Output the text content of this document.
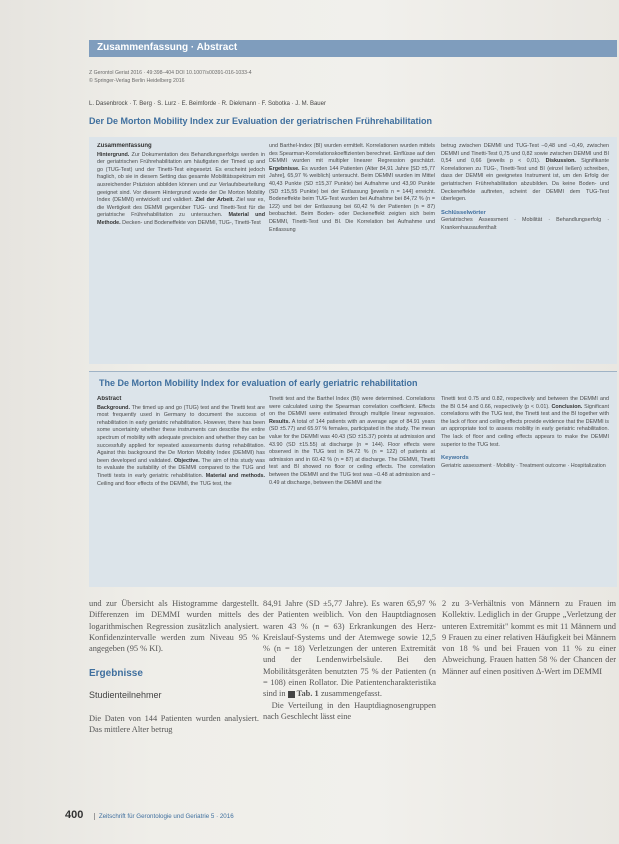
Zusammenfassung · Abstract
Z Gerontol Geriat 2016 · 49:398–404 DOI 10.1007/s00391-016-1033-4
© Springer-Verlag Berlin Heidelberg 2016
L. Dasenbrock · T. Berg · S. Lurz · E. Beimforde · R. Diekmann · F. Sobotka · J. M. Bauer
Der De Morton Mobility Index zur Evaluation der geriatrischen Frührehabilitation
Zusammenfassung
Hintergrund. Zur Dokumentation des Behandlungserfolgs werden in der geriatrischen Frührehabilitation am häufigsten der Timed up and go (TUG-Test) und der Tinetti-Test eingesetzt. Es erscheint jedoch fraglich, ob sie in diesem Setting das gesamte Mobilitätsspektrum mit ausreichender Präzision abbilden können und zur Verlaufsbeurteilung geeignet sind. Vor diesem Hintergrund wurde der De Morton Mobility Index (DEMMI) entwickelt und validiert. Ziel der Arbeit. Ziel war es, die Wertigkeit des DEMMI gegenüber TUG- und Tinetti-Test für die geriatrische Frührehabilitation zu untersuchen. Material und Methode. Decken- und Bodeneffekte von DEMMI, TUG-, Tinetti-Test
und Barthel-Index (BI) wurden ermittelt. Korrelationen wurden mittels des Spearman-Korrelationskoeffizienten berechnet. Einflüsse auf den DEMMI wurden mit multipler linearer Regression geschätzt. Ergebnisse. Es wurden 144 Patienten (Alter 84,91 Jahre [SD ±5,77 Jahre], 65,97 % weiblich) untersucht. Beim DEMMI wurden im Mittel 40,43 Punkte (SD ±15,37 Punkte) bei Aufnahme und 43,90 Punkte (SD ±15,55 Punkte) bei der Entlassung [jeweils n = 144] erreicht. Bodeneffekte beim TUG-Test wurden bei Aufnahme bei 84,72 % (n = 122) und bei der Entlassung bei 60,42 % der Patienten (n = 87) beobachtet. Beim Boden- oder Deckeneffekt zeigten sich beim DEMMI, Tinetti-Test und BI. Die Korrelation bei Aufnahme und Entlassung
betrug zwischen DEMMI und TUG-Test –0,48 und –0,49, zwischen DEMMI und Tinetti-Test 0,75 und 0,82 sowie zwischen DEMMI und BI 0,54 und 0,66 (jeweils p < 0,01). Diskussion. Signifikante Korrelationen zu TUG-, Tinetti-Test und BI (einzel ließen) schreiben, dass der DEMMI ein geeignetes Instrument ist, um den Erfolg der geriatrischen Frührehabilitation abzubilden. Da keine Boden- und Deckeneffekte auftreten, scheint der DEMMI dem TUG-Test überlegen.
Schlüsselwörter
Geriatrisches Assessment · Mobilität · Behandlungserfolg · Krankenhausaufenthalt
The De Morton Mobility Index for evaluation of early geriatric rehabilitation
Abstract
Background. The timed up and go (TUG) test and the Tinetti test are most frequently used in Germany to document the success of rehabilitation in early geriatric rehabilitation. However, there has been some uncertainty whether these instruments can describe the entire spectrum of mobility with adequate precision and whether they can be successfully applied for repeated assessments during rehabilitation. Against this background the De Morton Mobility Index (DEMMI) has been developed and validated. Objective. The aim of this study was to evaluate the suitability of the DEMMI compared to the TUG and Tinetti tests in early geriatric rehabilitation. Material and methods. Ceiling and floor effects of the DEMMI, the TUG test, the
Tinetti test and the Barthel Index (BI) were determined. Correlations were calculated using the Spearman correlation coefficient. Effects on the DEMMI were estimated through multiple linear regression. Results. A total of 144 patients with an average age of 84.91 years (SD ±5.77) and 65.97 % females, participated in the study. The mean value for the DEMMI was 40.43 (SD ±15.37) points at admission and 43.90 (SD ±15.55) at discharge (n = 144). Floor effects were observed in the TUG test in 84.72 % (n = 122) of patients at admission and in 60.42 % (n = 87) at discharge. The DEMMI, Tinetti test and BI showed no floor or ceiling effects. The correlation between the DEMMI and the TUG test was –0.48 at admission and –0.49 at discharge, between the DEMMI and the
Tinetti test 0.75 and 0.82, respectively and between the DEMMI and the BI 0.54 and 0.66, respectively (p < 0.01). Conclusion. Significant correlations with the TUG test, the Tinetti test and the BI together with the lack of floor and ceiling effects provide evidence that the DEMMI is an appropriate tool to assess mobility in early geriatric rehabilitation. The lack of floor and ceiling effects appears to make the DEMMI superior to the TUG test.
Keywords
Geriatric assessment · Mobility · Treatment outcome · Hospitalization
und zur Übersicht als Histogramme dargestellt. Differenzen im DEMMI wurden mittels des logarithmischen Regression zusätzlich analysiert. Konfidenzintervalle werden zum Niveau 95 % angegeben (95 % KI).
Ergebnisse
Studienteilnehmer
Die Daten von 144 Patienten wurden analysiert. Das mittlere Alter betrug
84,91 Jahre (SD ±5,77 Jahre). Es waren 65,97 % der Patienten weiblich. Von den Hauptdiagnosen waren 43 % (n = 63) Erkrankungen des Herz-Kreislauf-Systems und der Atemwege sowie 12,5 % (n = 18) Verletzungen der unteren Extremität und der Lendenwirbelsäule. Bei den Mobilitätsgeräten benutzten 75 % der Patienten (n = 108) einen Rollator. Die Patientencharakteristika sind in Tab. 1 zusammengefasst.
Die Verteilung in den Hauptdiagnosengruppen nach Geschlecht lässt eine
2 zu 3-Verhältnis von Männern zu Frauen im Kollektiv. Lediglich in der Gruppe „Verletzung der unteren Extremität" kommt es mit 11 Männern und 9 Frauen zu einer relativen Häufigkeit bei Männern von 18 % und bei Frauen von 11 % zu einer Abweichung. Frauen hatten 58 % der Chancen der Männer auf einen positiven Δ-Wert im DEMMI
400 Zeitschrift für Gerontologie und Geriatrie 5 · 2016
